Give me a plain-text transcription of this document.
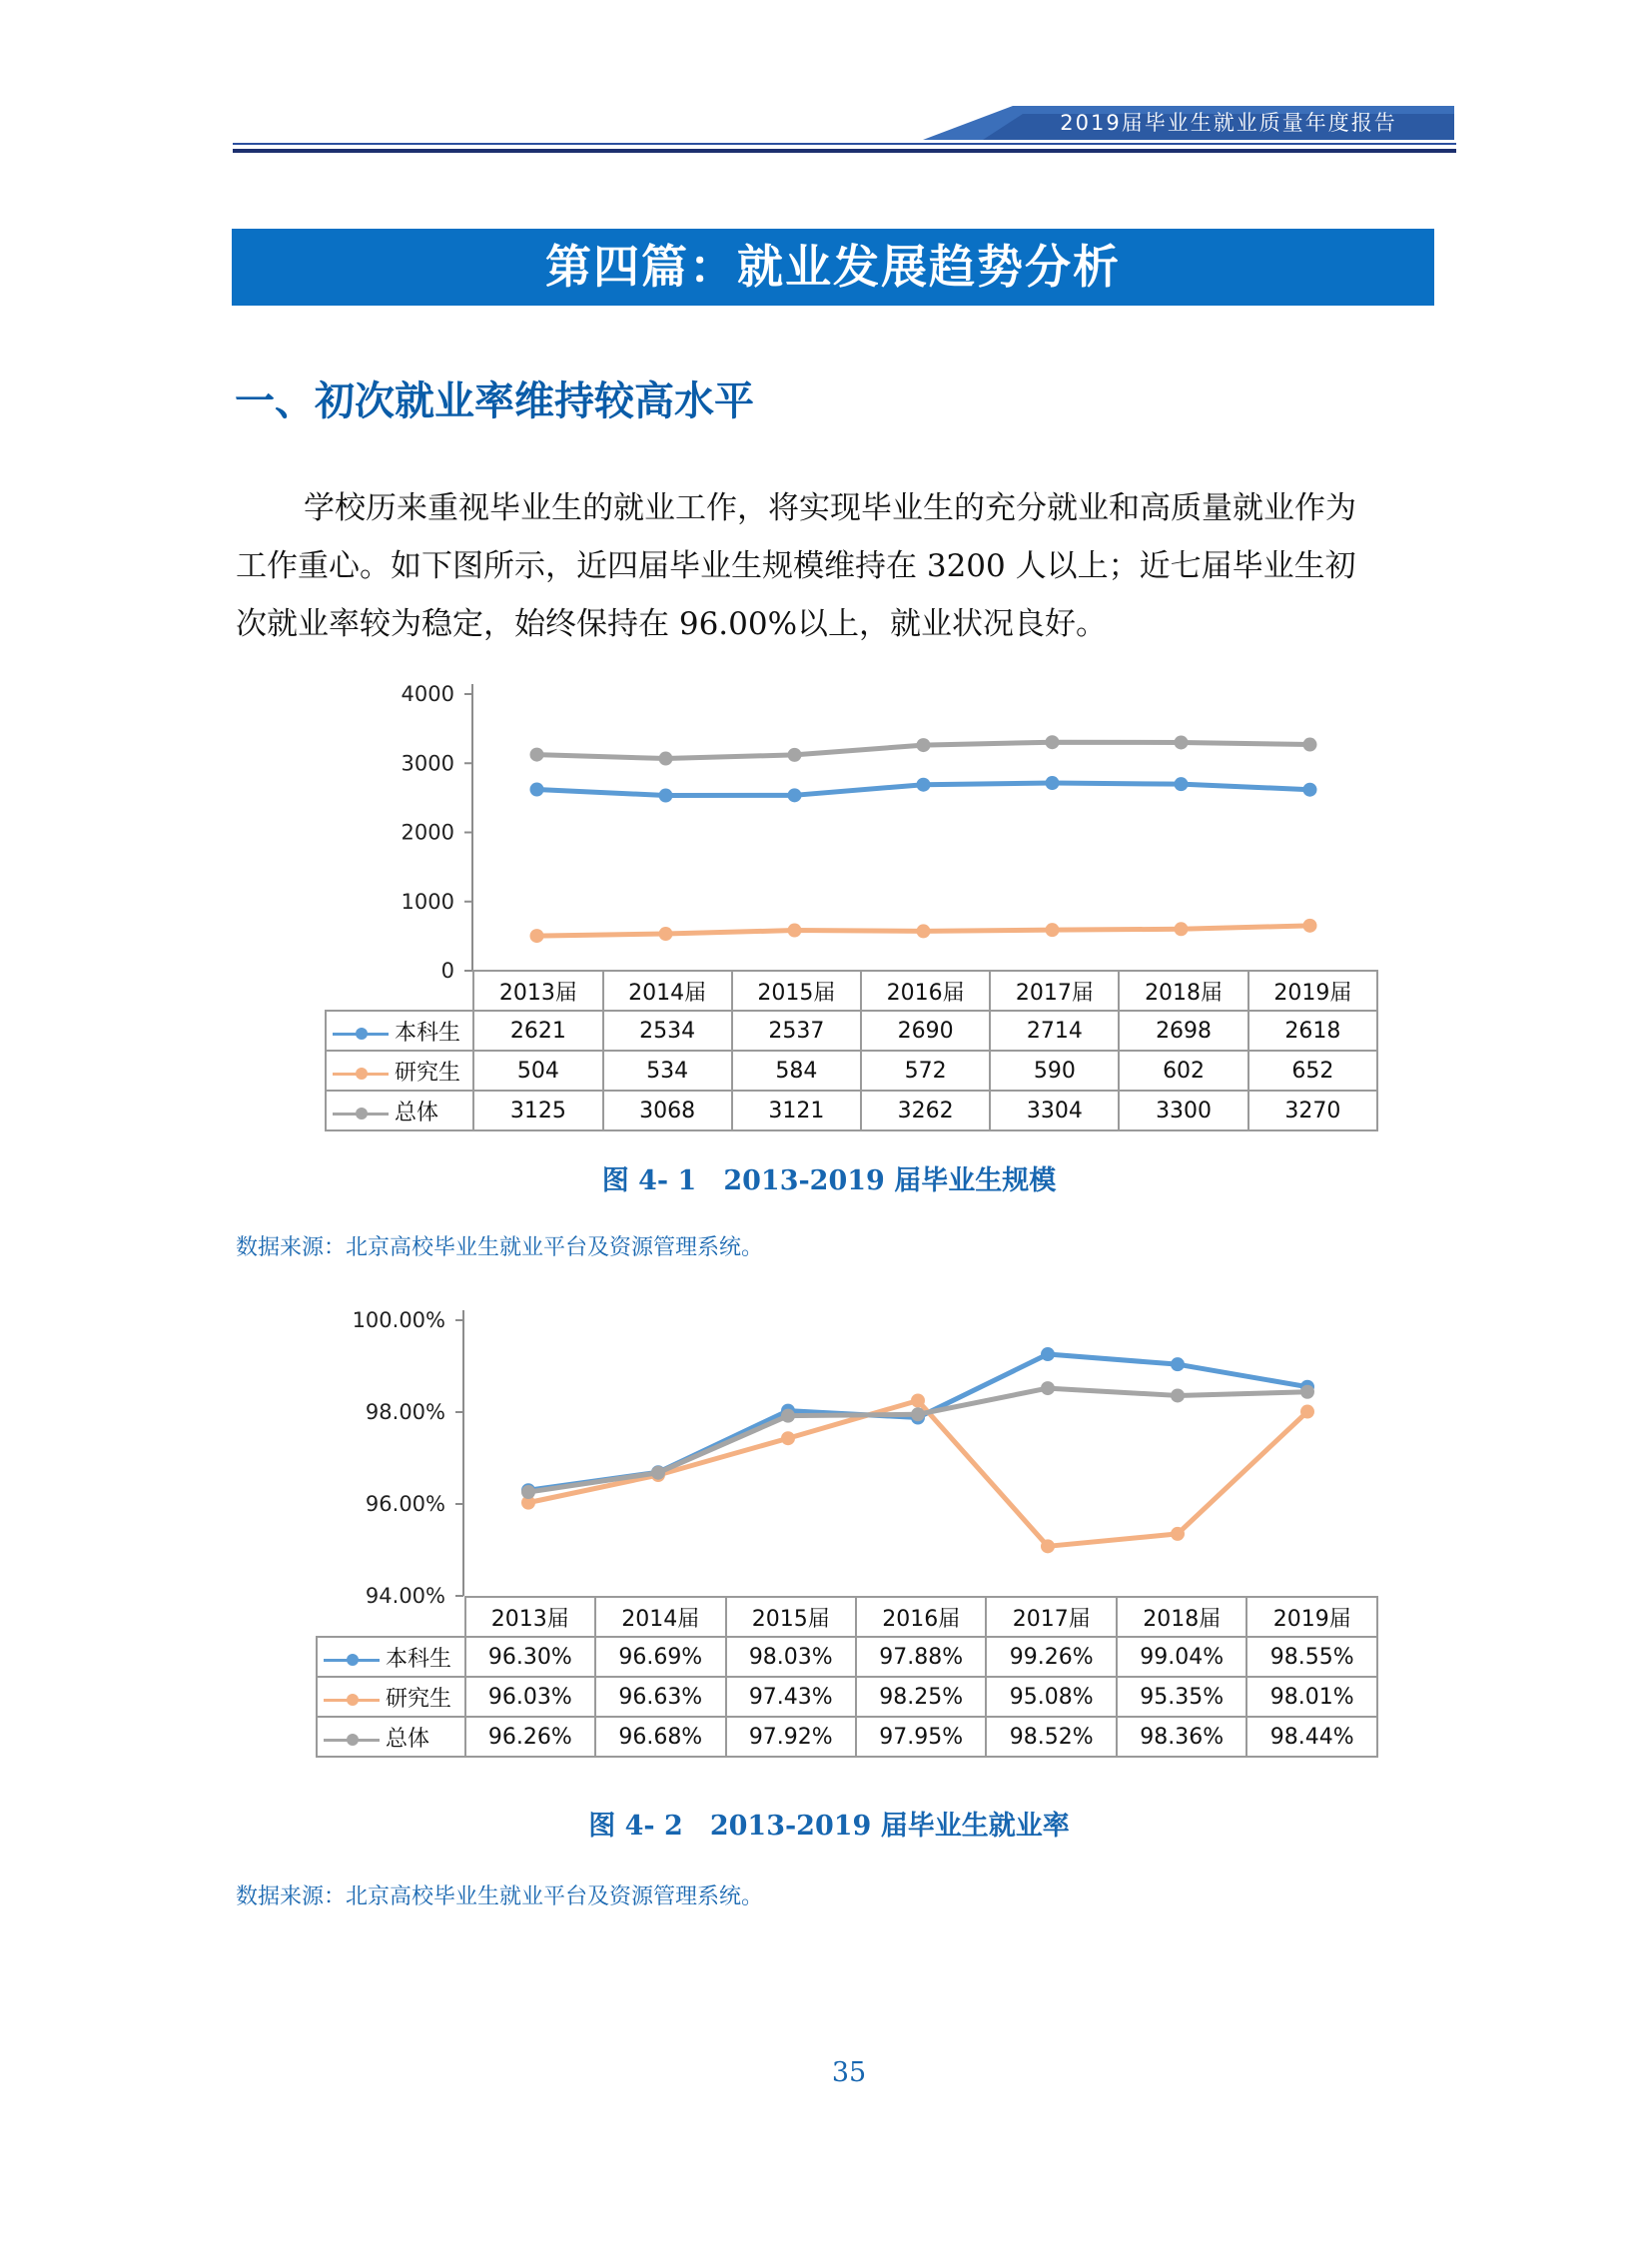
2019届毕业生就业质量年度报告
第四篇：就业发展趋势分析
一、初次就业率维持较高水平

学校历来重视毕业生的就业工作，将实现毕业生的充分就业和高质量就业作为

工作重心。如下图所示，近四届毕业生规模维持在 3200 人以上；近七届毕业生初

次就业率较为稳定，始终保持在 96.00%以上，就业状况良好。

0
1000
2000
3000
4000
	2013届	2014届	2015届	2016届	2017届	2018届	2019届

本科生	2621	2534	2537	2690	2714	2698	2618

研究生	504	534	584	572	590	602	652

总体	3125	3068	3121	3262	3304	3300	3270
图 4- 1　2013-2019 届毕业生规模
数据来源：北京高校毕业生就业平台及资源管理系统。
94.00%
96.00%
98.00%
100.00%
	2013届	2014届	2015届	2016届	2017届	2018届	2019届

本科生	96.30%	96.69%	98.03%	97.88%	99.26%	99.04%	98.55%

研究生	96.03%	96.63%	97.43%	98.25%	95.08%	95.35%	98.01%

总体	96.26%	96.68%	97.92%	97.95%	98.52%	98.36%	98.44%
图 4- 2　2013-2019 届毕业生就业率
数据来源：北京高校毕业生就业平台及资源管理系统。
35
